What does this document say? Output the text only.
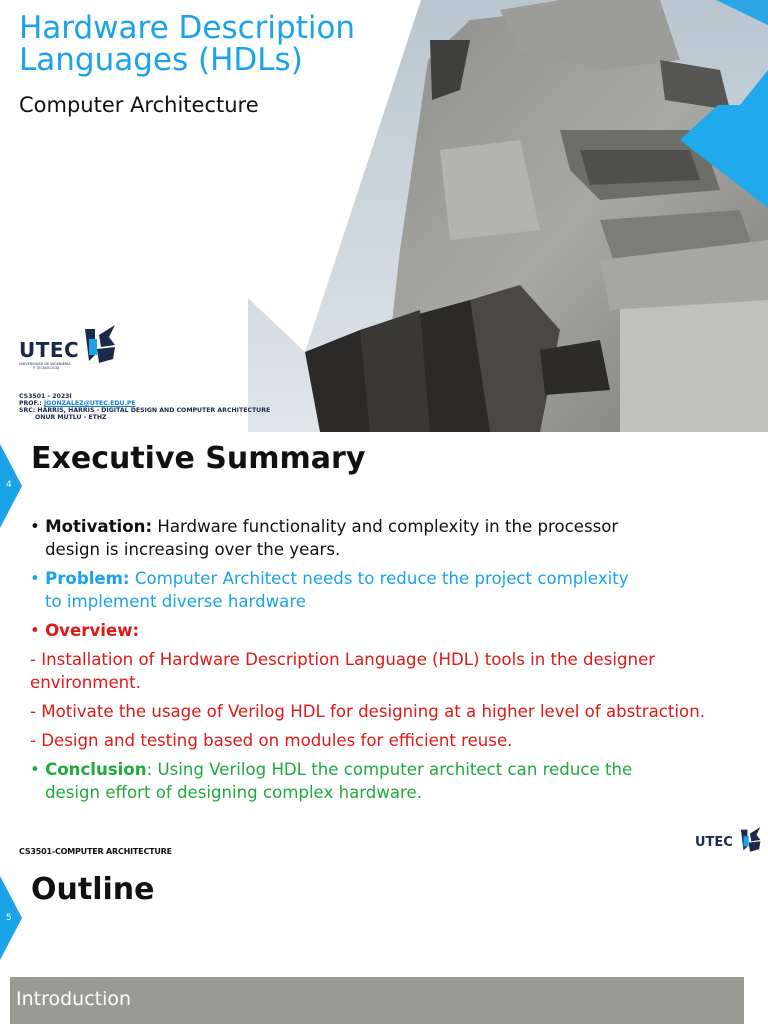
Hardware Description
Languages (HDLs)
Computer Architecture
UTEC
UNIVERSIDAD DE INGENIERÍA
Y TECNOLOGÍA
CS3501 - 2023I
PROF.: JGONZALEZ@UTEC.EDU.PE
SRC: HARRIS, HARRIS - DIGITAL DESIGN AND COMPUTER ARCHITECTURE
ONUR MUTLU - ETHZ
4
Executive Summary
• Motivation: Hardware functionality and complexity in the processor
design is increasing over the years.
• Problem: Computer Architect needs to reduce the project complexity
to implement diverse hardware
• Overview:
- Installation of Hardware Description Language (HDL) tools in the designer environment.
- Motivate the usage of Verilog HDL for designing at a higher level of abstraction.
- Design and testing based on modules for efficient reuse.
• Conclusion: Using Verilog HDL the computer architect can reduce the
design effort of designing complex hardware.
CS3501-COMPUTER ARCHITECTURE
UTEC
5
Outline
Introduction
